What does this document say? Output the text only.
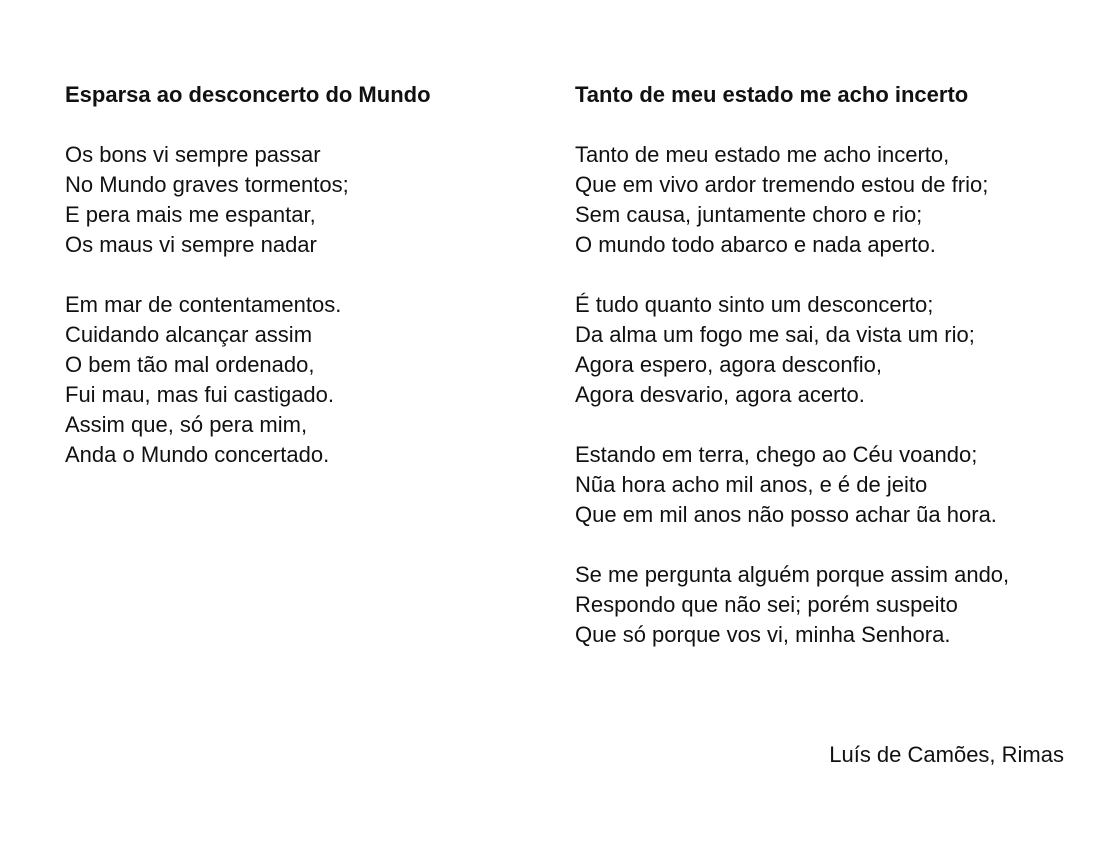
Esparsa ao desconcerto do Mundo
Os bons vi sempre passar
No Mundo graves tormentos;
E pera mais me espantar,
Os maus vi sempre nadar
Em mar de contentamentos.
Cuidando alcançar assim
O bem tão mal ordenado,
Fui mau, mas fui castigado.
Assim que, só pera mim,
Anda o Mundo concertado.
Tanto de meu estado me acho incerto
Tanto de meu estado me acho incerto,
Que em vivo ardor tremendo estou de frio;
Sem causa, juntamente choro e rio;
O mundo todo abarco e nada aperto.
É tudo quanto sinto um desconcerto;
Da alma um fogo me sai, da vista um rio;
Agora espero, agora desconfio,
Agora desvario, agora acerto.
Estando em terra, chego ao Céu voando;
Nũa hora acho mil anos, e é de jeito
Que em mil anos não posso achar ũa hora.
Se me pergunta alguém porque assim ando,
Respondo que não sei; porém suspeito
Que só porque vos vi, minha Senhora.
Luís de Camões, Rimas
